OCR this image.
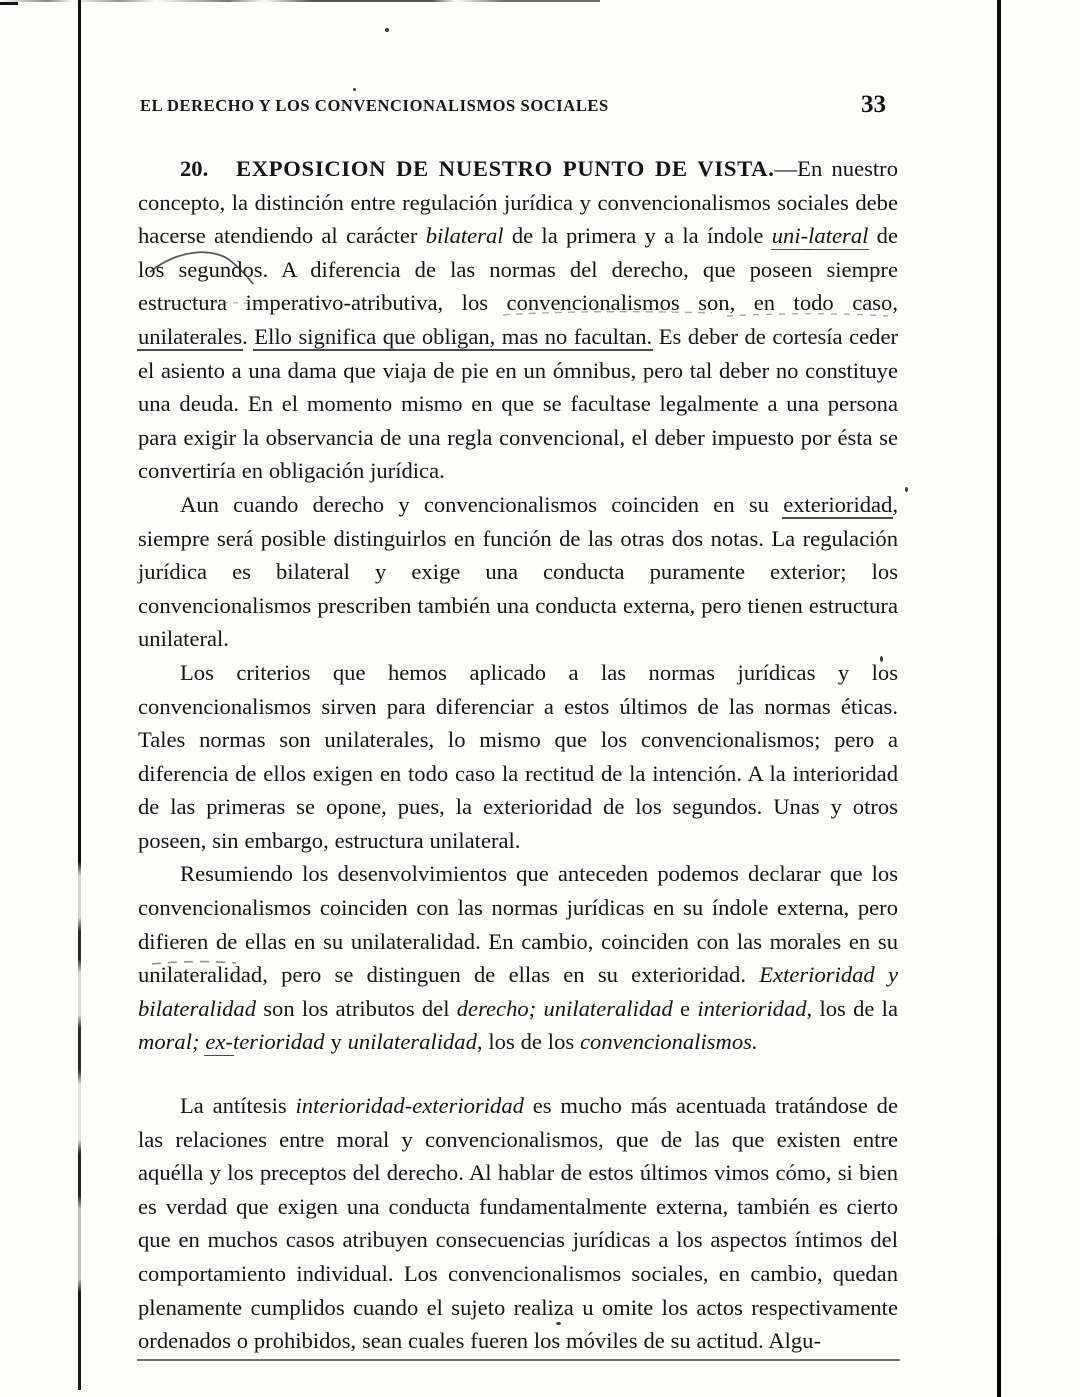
EL DERECHO Y LOS CONVENCIONALISMOS SOCIALES	33

20. EXPOSICION DE NUESTRO PUNTO DE VISTA.—En nuestro concepto, la distinción entre regulación jurídica y convencionalismos sociales debe hacerse atendiendo al carácter bilateral de la primera y a la índole uni-lateral de los segundos. A diferencia de las normas del derecho, que poseen siempre estructura imperativo-atributiva, los convencionalismos son, en todo caso, unilaterales. Ello significa que obligan, mas no facultan. Es deber de cortesía ceder el asiento a una dama que viaja de pie en un ómnibus, pero tal deber no constituye una deuda. En el momento mismo en que se facultase legalmente a una persona para exigir la observancia de una regla convencional, el deber impuesto por ésta se convertiría en obligación jurídica.

Aun cuando derecho y convencionalismos coinciden en su exterioridad, siempre será posible distinguirlos en función de las otras dos notas. La regulación jurídica es bilateral y exige una conducta puramente exterior; los convencionalismos prescriben también una conducta externa, pero tienen estructura unilateral.

Los criterios que hemos aplicado a las normas jurídicas y los convencionalismos sirven para diferenciar a estos últimos de las normas éticas. Tales normas son unilaterales, lo mismo que los convencionalismos; pero a diferencia de ellos exigen en todo caso la rectitud de la intención. A la interioridad de las primeras se opone, pues, la exterioridad de los segundos. Unas y otros poseen, sin embargo, estructura unilateral.

Resumiendo los desenvolvimientos que anteceden podemos declarar que los convencionalismos coinciden con las normas jurídicas en su índole externa, pero difieren de ellas en su unilateralidad. En cambio, coinciden con las morales en su unilateralidad, pero se distinguen de ellas en su exterioridad. Exterioridad y bilateralidad son los atributos del derecho; unilateralidad e interioridad, los de la moral; ex-terioridad y unilateralidad, los de los convencionalismos.

La antítesis interioridad-exterioridad es mucho más acentuada tratándose de las relaciones entre moral y convencionalismos, que de las que existen entre aquélla y los preceptos del derecho. Al hablar de estos últimos vimos cómo, si bien es verdad que exigen una conducta fundamentalmente externa, también es cierto que en muchos casos atribuyen consecuencias jurídicas a los aspectos íntimos del comportamiento individual. Los convencionalismos sociales, en cambio, quedan plenamente cumplidos cuando el sujeto realiza u omite los actos respectivamente ordenados o prohibidos, sean cuales fueren los móviles de su actitud. Algu-
